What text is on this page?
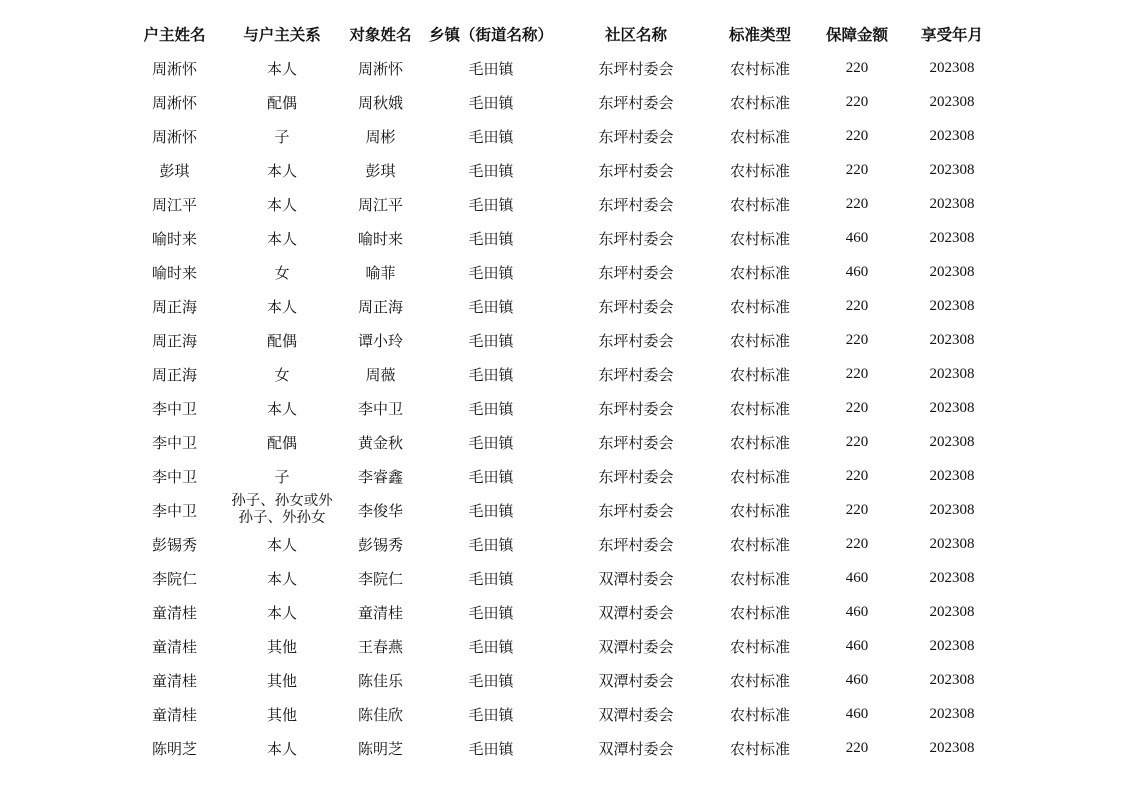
户主姓名	与户主关系	对象姓名	乡镇（街道名称）	社区名称	标准类型	保障金额	享受年月
周淅怀	本人	周淅怀	毛田镇	东坪村委会	农村标准	220	202308
周淅怀	配偶	周秋娥	毛田镇	东坪村委会	农村标准	220	202308
周淅怀	子	周彬	毛田镇	东坪村委会	农村标准	220	202308
彭琪	本人	彭琪	毛田镇	东坪村委会	农村标准	220	202308
周江平	本人	周江平	毛田镇	东坪村委会	农村标准	220	202308
喻时来	本人	喻时来	毛田镇	东坪村委会	农村标准	460	202308
喻时来	女	喻菲	毛田镇	东坪村委会	农村标准	460	202308
周正海	本人	周正海	毛田镇	东坪村委会	农村标准	220	202308
周正海	配偶	谭小玲	毛田镇	东坪村委会	农村标准	220	202308
周正海	女	周薇	毛田镇	东坪村委会	农村标准	220	202308
李中卫	本人	李中卫	毛田镇	东坪村委会	农村标准	220	202308
李中卫	配偶	黄金秋	毛田镇	东坪村委会	农村标准	220	202308
李中卫	子	李睿鑫	毛田镇	东坪村委会	农村标准	220	202308
李中卫	孙子、孙女或外孙子、外孙女	李俊华	毛田镇	东坪村委会	农村标准	220	202308
彭锡秀	本人	彭锡秀	毛田镇	东坪村委会	农村标准	220	202308
李院仁	本人	李院仁	毛田镇	双潭村委会	农村标准	460	202308
童清桂	本人	童清桂	毛田镇	双潭村委会	农村标准	460	202308
童清桂	其他	王春燕	毛田镇	双潭村委会	农村标准	460	202308
童清桂	其他	陈佳乐	毛田镇	双潭村委会	农村标准	460	202308
童清桂	其他	陈佳欣	毛田镇	双潭村委会	农村标准	460	202308
陈明芝	本人	陈明芝	毛田镇	双潭村委会	农村标准	220	202308
